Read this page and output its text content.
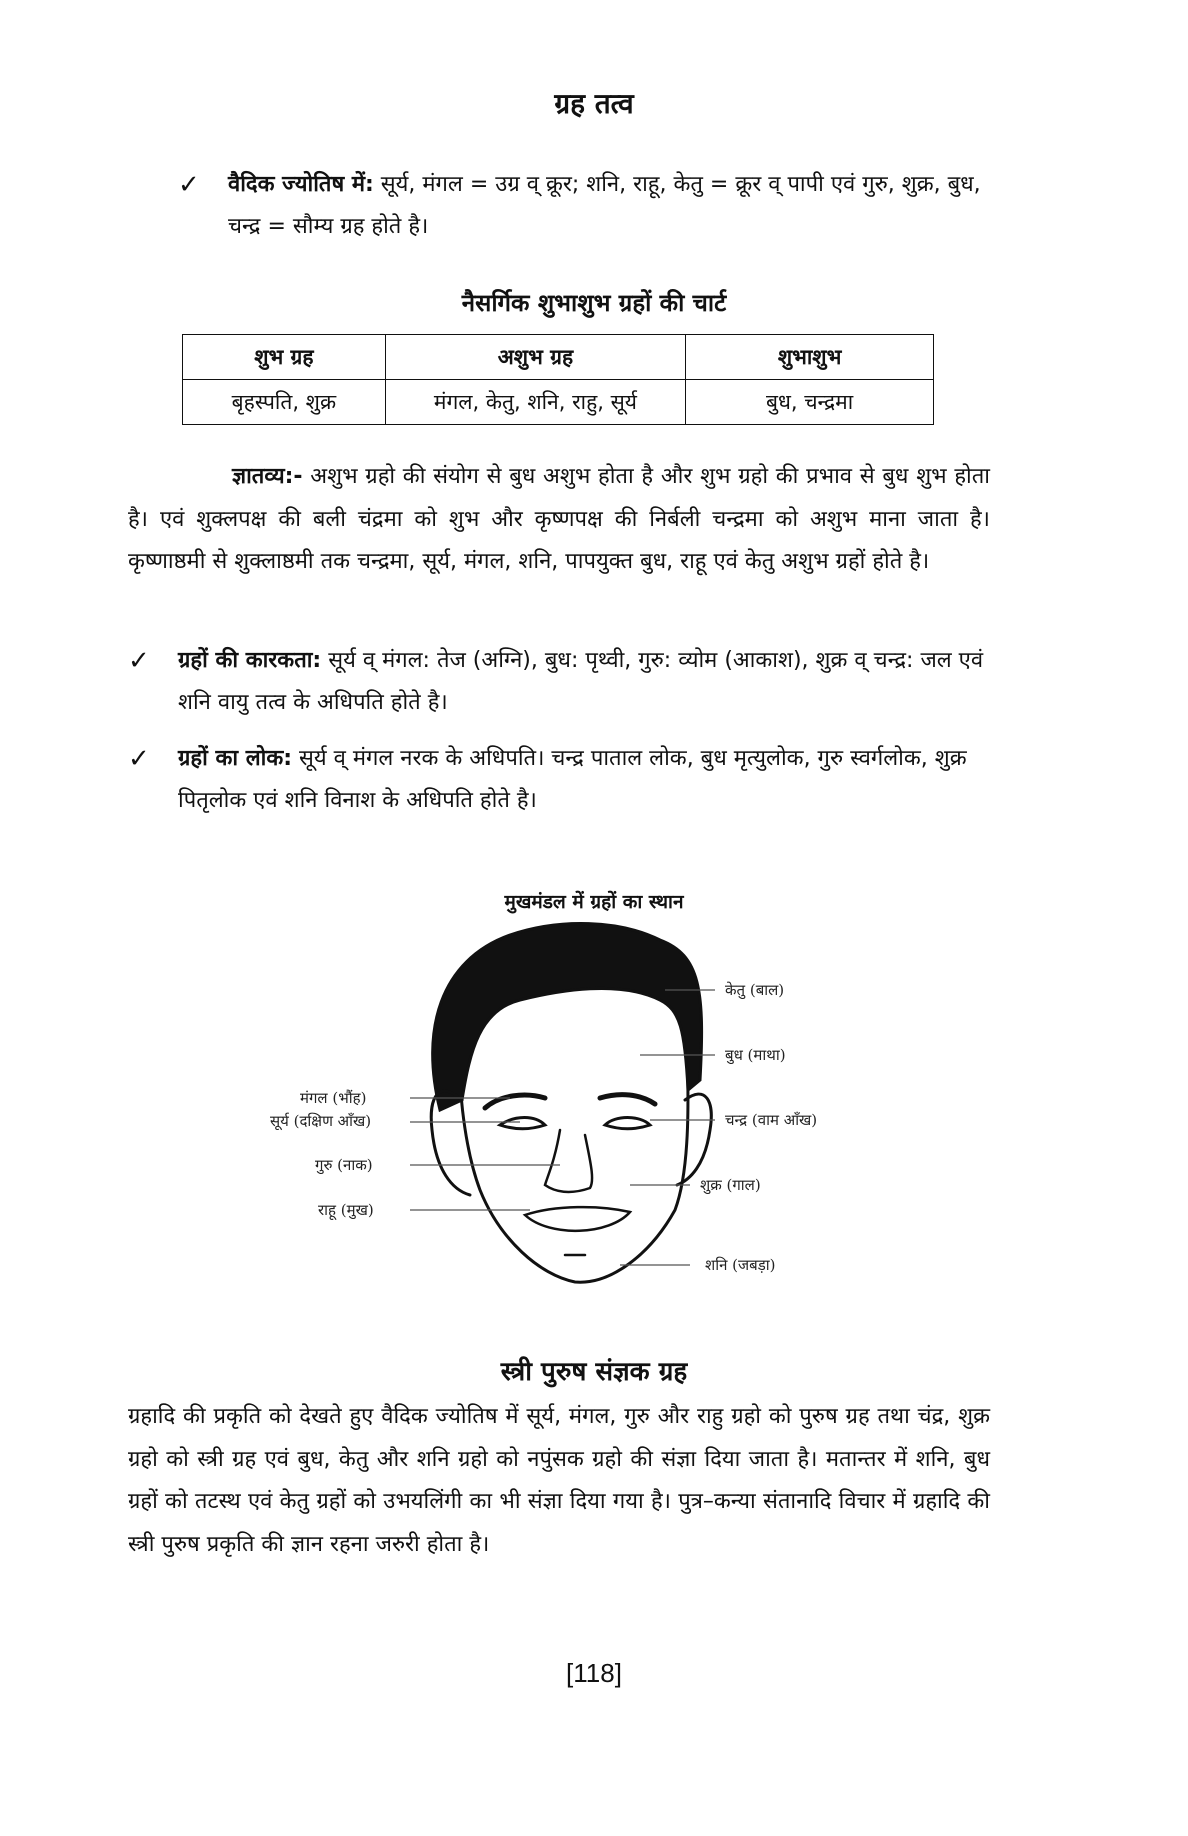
ग्रह तत्व
✓ वैदिक ज्योतिष में: सूर्य, मंगल = उग्र व् क्रूर; शनि, राहू, केतु = क्रूर व् पापी एवं गुरु, शुक्र, बुध, चन्द्र = सौम्य ग्रह होते है।
नैसर्गिक शुभाशुभ ग्रहों की चार्ट
शुभ ग्रह	अशुभ ग्रह	शुभाशुभ
बृहस्पति, शुक्र	मंगल, केतु, शनि, राहु, सूर्य	बुध, चन्द्रमा
ज्ञातव्य:- अशुभ ग्रहो की संयोग से बुध अशुभ होता है और शुभ ग्रहो की प्रभाव से बुध शुभ होता है। एवं शुक्लपक्ष की बली चंद्रमा को शुभ और कृष्णपक्ष की निर्बली चन्द्रमा को अशुभ माना जाता है। कृष्णाष्ठमी से शुक्लाष्ठमी तक चन्द्रमा, सूर्य, मंगल, शनि, पापयुक्त बुध, राहू एवं केतु अशुभ ग्रहों होते है।
✓ ग्रहों की कारकता: सूर्य व् मंगल: तेज (अग्नि), बुध: पृथ्वी, गुरु: व्योम (आकाश), शुक्र व् चन्द्र: जल एवं शनि वायु तत्व के अधिपति होते है।
✓ ग्रहों का लोक: सूर्य व् मंगल नरक के अधिपति। चन्द्र पाताल लोक, बुध मृत्युलोक, गुरु स्वर्गलोक, शुक्र पितृलोक एवं शनि विनाश के अधिपति होते है।
मुखमंडल में ग्रहों का स्थान
मंगल (भौंह)
सूर्य (दक्षिण आँख)
गुरु (नाक)
राहू (मुख)
केतु (बाल)
बुध (माथा)
चन्द्र (वाम आँख)
शुक्र (गाल)
शनि (जबड़ा)
स्त्री पुरुष संज्ञक ग्रह
ग्रहादि की प्रकृति को देखते हुए वैदिक ज्योतिष में सूर्य, मंगल, गुरु और राहु ग्रहो को पुरुष ग्रह तथा चंद्र, शुक्र ग्रहो को स्त्री ग्रह एवं बुध, केतु और शनि ग्रहो को नपुंसक ग्रहो की संज्ञा दिया जाता है। मतान्तर में शनि, बुध ग्रहों को तटस्थ एवं केतु ग्रहों को उभयलिंगी का भी संज्ञा दिया गया है। पुत्र–कन्या संतानादि विचार में ग्रहादि की स्त्री पुरुष प्रकृति की ज्ञान रहना जरुरी होता है।
[118]
